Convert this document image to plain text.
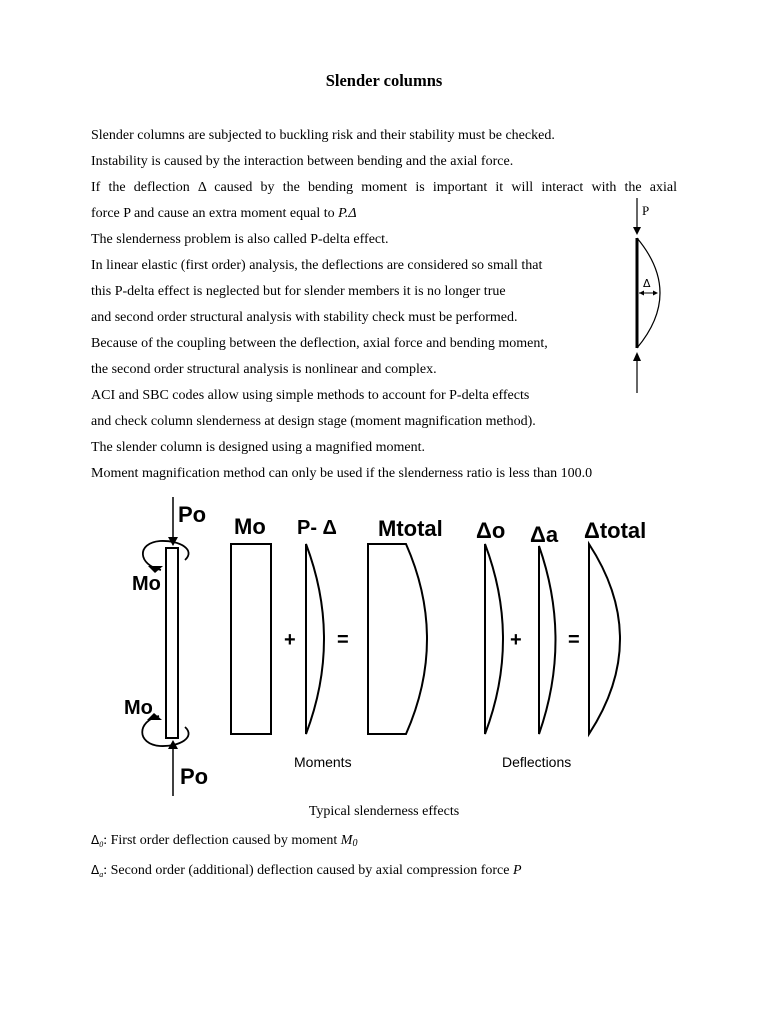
Slender columns
Slender columns are subjected to buckling risk and their stability must be checked.
Instability is caused by the interaction between bending and the axial force.
If the deflection Δ caused by the bending moment is important it will interact with the axial
force P and cause an extra moment equal to P.Δ
The slenderness problem is also called P-delta effect.
In linear elastic (first order) analysis, the deflections are considered so small that
this P-delta effect is neglected but for slender members it is no longer true
and second order structural analysis with stability check must be performed.
Because of the coupling between the deflection, axial force and bending moment,
the second order structural analysis is nonlinear and complex.
ACI and SBC codes allow using simple methods to account for P-delta effects
and check column slenderness at design stage (moment magnification method).
The slender column is designed using a magnified moment.
Moment magnification method can only be used if the slenderness ratio is less than 100.0
P
Δ
Po
Mo
Mo
Po
Mo
+
P- Δ
=
Mtotal
Moments
Δo
+
Δa
=
Δtotal
Deflections
Typical slenderness effects
$\Delta_0$: First order deflection caused by moment $M_0$
$\Delta_a$: Second order (additional) deflection caused by axial compression force P
